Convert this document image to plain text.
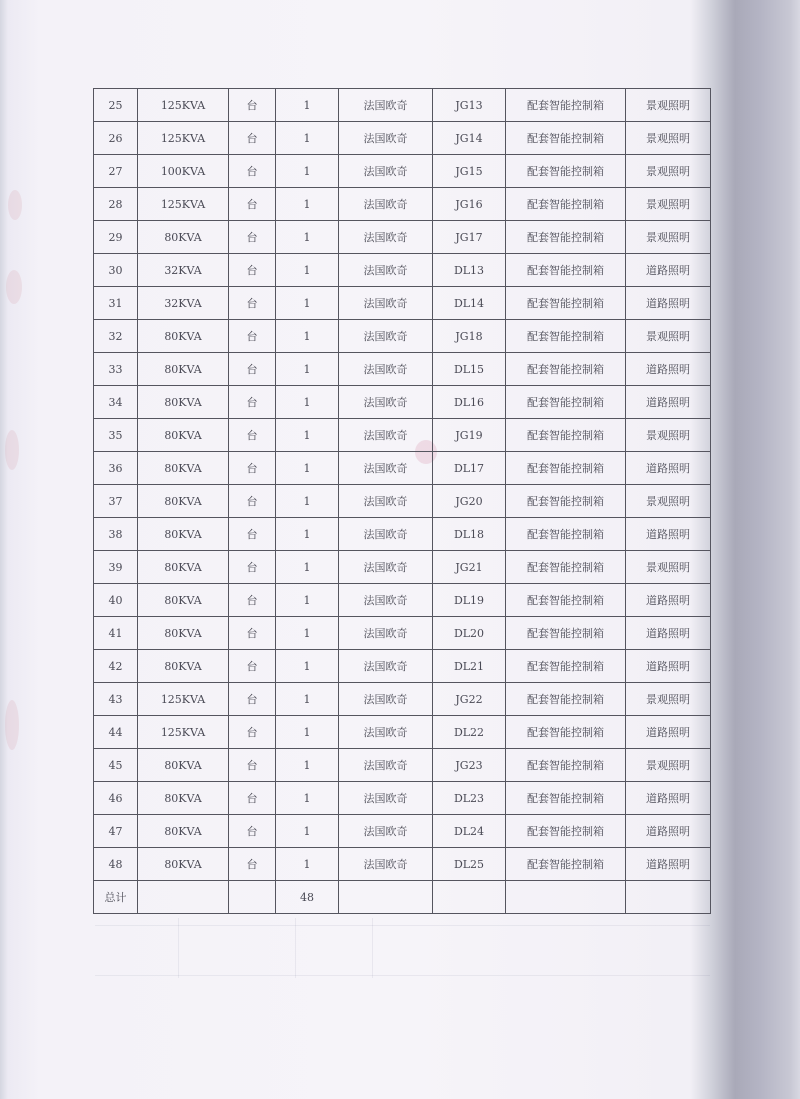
25	125KVA	台	1	法国欧奇	JG13	配套智能控制箱	景观照明
26	125KVA	台	1	法国欧奇	JG14	配套智能控制箱	景观照明
27	100KVA	台	1	法国欧奇	JG15	配套智能控制箱	景观照明
28	125KVA	台	1	法国欧奇	JG16	配套智能控制箱	景观照明
29	80KVA	台	1	法国欧奇	JG17	配套智能控制箱	景观照明
30	32KVA	台	1	法国欧奇	DL13	配套智能控制箱	道路照明
31	32KVA	台	1	法国欧奇	DL14	配套智能控制箱	道路照明
32	80KVA	台	1	法国欧奇	JG18	配套智能控制箱	景观照明
33	80KVA	台	1	法国欧奇	DL15	配套智能控制箱	道路照明
34	80KVA	台	1	法国欧奇	DL16	配套智能控制箱	道路照明
35	80KVA	台	1	法国欧奇	JG19	配套智能控制箱	景观照明
36	80KVA	台	1	法国欧奇	DL17	配套智能控制箱	道路照明
37	80KVA	台	1	法国欧奇	JG20	配套智能控制箱	景观照明
38	80KVA	台	1	法国欧奇	DL18	配套智能控制箱	道路照明
39	80KVA	台	1	法国欧奇	JG21	配套智能控制箱	景观照明
40	80KVA	台	1	法国欧奇	DL19	配套智能控制箱	道路照明
41	80KVA	台	1	法国欧奇	DL20	配套智能控制箱	道路照明
42	80KVA	台	1	法国欧奇	DL21	配套智能控制箱	道路照明
43	125KVA	台	1	法国欧奇	JG22	配套智能控制箱	景观照明
44	125KVA	台	1	法国欧奇	DL22	配套智能控制箱	道路照明
45	80KVA	台	1	法国欧奇	JG23	配套智能控制箱	景观照明
46	80KVA	台	1	法国欧奇	DL23	配套智能控制箱	道路照明
47	80KVA	台	1	法国欧奇	DL24	配套智能控制箱	道路照明
48	80KVA	台	1	法国欧奇	DL25	配套智能控制箱	道路照明
总计			48				
